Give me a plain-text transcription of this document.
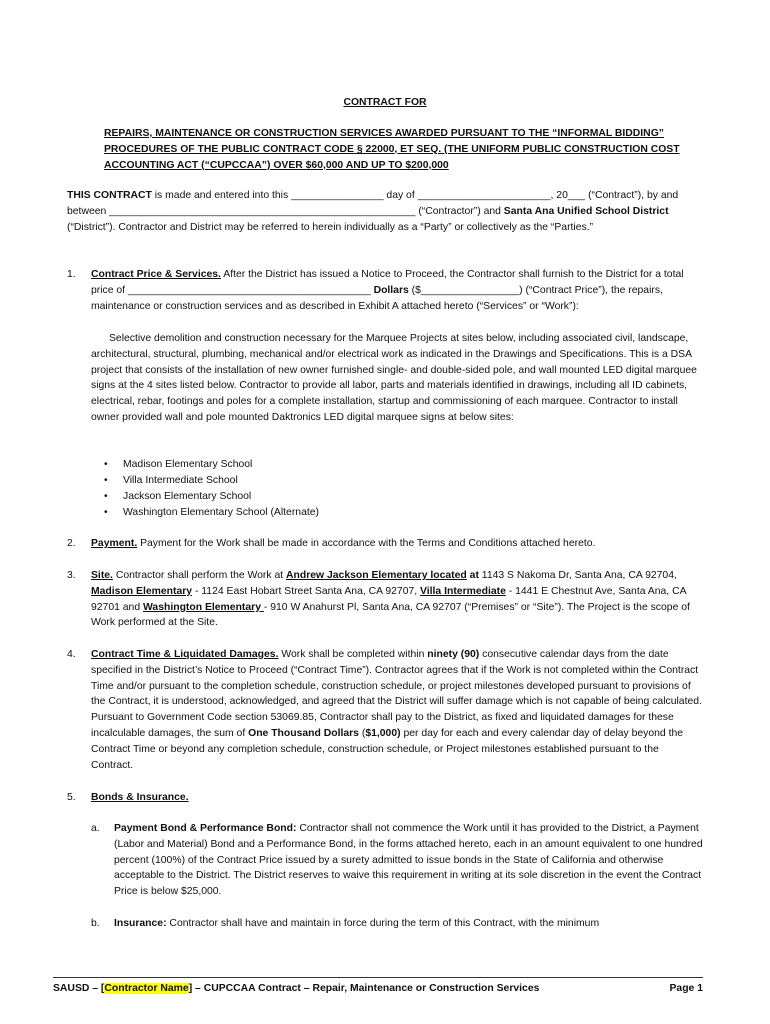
CONTRACT FOR
REPAIRS, MAINTENANCE OR CONSTRUCTION SERVICES AWARDED PURSUANT TO THE “INFORMAL BIDDING”
PROCEDURES OF THE PUBLIC CONTRACT CODE § 22000, ET SEQ. (THE UNIFORM PUBLIC CONSTRUCTION COST
ACCOUNTING ACT (“CUPCCAA”) OVER $60,000 AND UP TO $200,000
THIS CONTRACT is made and entered into this ________________ day of _______________________, 20___ (“Contract”), by and between _____________________________________________________ (“Contractor”) and Santa Ana Unified School District (“District”). Contractor and District may be referred to herein individually as a “Party” or collectively as the “Parties.”
1. Contract Price & Services. After the District has issued a Notice to Proceed, the Contractor shall furnish to the District for a total price of __________________________________________ Dollars ($_________________) (“Contract Price”), the repairs, maintenance or construction services and as described in Exhibit A attached hereto (“Services” or “Work”):
Selective demolition and construction necessary for the Marquee Projects at sites below, including associated civil, landscape, architectural, structural, plumbing, mechanical and/or electrical work as indicated in the Drawings and Specifications. This is a DSA project that consists of the installation of new owner furnished single- and double-sided pole, and wall mounted LED digital marquee signs at the 4 sites listed below. Contractor to provide all labor, parts and materials identified in drawings, including all ID cabinets, electrical, rebar, footings and poles for a complete installation, startup and commissioning of each marquee. Contractor to install owner provided wall and pole mounted Daktronics LED digital marquee signs at below sites:
• Madison Elementary School
• Villa Intermediate School
• Jackson Elementary School
• Washington Elementary School (Alternate)
2. Payment. Payment for the Work shall be made in accordance with the Terms and Conditions attached hereto.
3. Site. Contractor shall perform the Work at Andrew Jackson Elementary located at 1143 S Nakoma Dr, Santa Ana, CA 92704, Madison Elementary - 1124 East Hobart Street Santa Ana, CA 92707, Villa Intermediate - 1441 E Chestnut Ave, Santa Ana, CA 92701 and Washington Elementary - 910 W Anahurst Pl, Santa Ana, CA 92707 (“Premises” or “Site”). The Project is the scope of Work performed at the Site.
4. Contract Time & Liquidated Damages. Work shall be completed within ninety (90) consecutive calendar days from the date specified in the District’s Notice to Proceed (“Contract Time”). Contractor agrees that if the Work is not completed within the Contract Time and/or pursuant to the completion schedule, construction schedule, or project milestones developed pursuant to provisions of the Contract, it is understood, acknowledged, and agreed that the District will suffer damage which is not capable of being calculated. Pursuant to Government Code section 53069.85, Contractor shall pay to the District, as fixed and liquidated damages for these incalculable damages, the sum of One Thousand Dollars ($1,000) per day for each and every calendar day of delay beyond the Contract Time or beyond any completion schedule, construction schedule, or Project milestones established pursuant to the Contract.
5. Bonds & Insurance.
a. Payment Bond & Performance Bond: Contractor shall not commence the Work until it has provided to the District, a Payment (Labor and Material) Bond and a Performance Bond, in the forms attached hereto, each in an amount equivalent to one hundred percent (100%) of the Contract Price issued by a surety admitted to issue bonds in the State of California and otherwise acceptable to the District. The District reserves to waive this requirement in writing at its sole discretion in the event the Contract Price is below $25,000.
b. Insurance: Contractor shall have and maintain in force during the term of this Contract, with the minimum
SAUSD – [Contractor Name] – CUPCCAA Contract – Repair, Maintenance or Construction Services	Page 1
